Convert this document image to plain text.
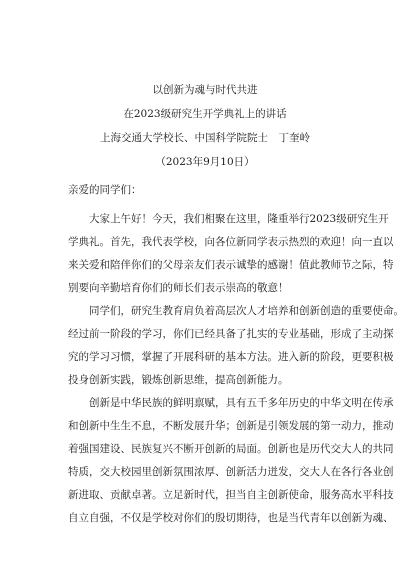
以创新为魂与时代共进
在2023级研究生开学典礼上的讲话
上海交通大学校长、中国科学院院士　丁奎岭
（2023年9月10日）
亲爱的同学们：

大家上午好！今天，我们相聚在这里，隆重举行2023级研究生开
学典礼。首先，我代表学校，向各位新同学表示热烈的欢迎！向一直以
来关爱和陪伴你们的父母亲友们表示诚挚的感谢！值此教师节之际，特
别要向辛勤培育你们的师长们表示崇高的敬意！

同学们，研究生教育肩负着高层次人才培养和创新创造的重要使命。
经过前一阶段的学习，你们已经具备了扎实的专业基础，形成了主动探
究的学习习惯，掌握了开展科研的基本方法。进入新的阶段，更要积极
投身创新实践，锻炼创新思维，提高创新能力。

创新是中华民族的鲜明禀赋，具有五千多年历史的中华文明在传承
和创新中生生不息，不断发展升华；创新是引领发展的第一动力，推动
着强国建设、民族复兴不断开创新的局面。创新也是历代交大人的共同
特质，交大校园里创新氛围浓厚、创新活力迸发，交大人在各行各业创
新进取、贡献卓著。立足新时代，担当自主创新使命，服务高水平科技
自立自强，不仅是学校对你们的殷切期待，也是当代青年以创新为魂、
